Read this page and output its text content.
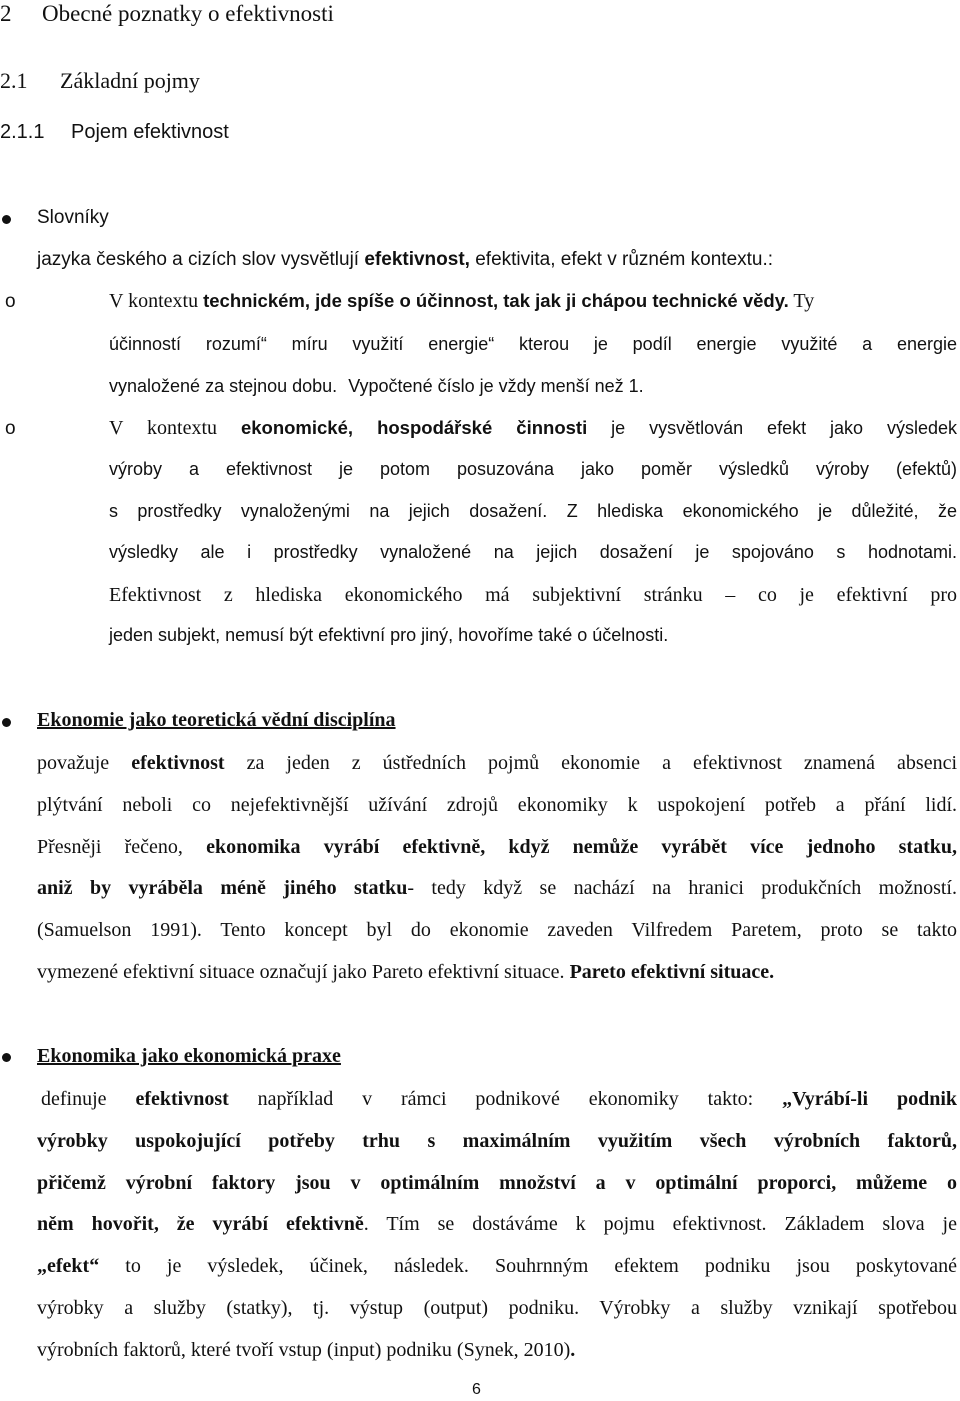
2 Obecné poznatky o efektivnosti
2.1 Základní pojmy
2.1.1 Pojem efektivnost
Slovníky
jazyka českého a cizích slov vysvětlují efektivnost, efektivita, efekt v různém kontextu.:
o	V kontextu technickém, jde spíše o účinnost, tak jak ji chápou technické vědy. Ty
účinností rozumí“ míru využití energie“ kterou je podíl energie využité a energie
vynaložené za stejnou dobu. Vypočtené číslo je vždy menší než 1.
o	V kontextu ekonomické, hospodářské činnosti je vysvětlován efekt jako výsledek
výroby a efektivnost je potom posuzována jako poměr výsledků výroby (efektů)
s prostředky vynaloženými na jejich dosažení. Z hlediska ekonomického je důležité, že
výsledky ale i prostředky vynaložené na jejich dosažení je spojováno s hodnotami.
Efektivnost z hlediska ekonomického má subjektivní stránku – co je efektivní pro
jeden subjekt, nemusí být efektivní pro jiný, hovoříme také o účelnosti.
Ekonomie jako teoretická vědní disciplína
považuje efektivnost za jeden z ústředních pojmů ekonomie a efektivnost znamená absenci
plýtvání neboli co nejefektivnější užívání zdrojů ekonomiky k uspokojení potřeb a přání lidí.
Přesněji řečeno, ekonomika vyrábí efektivně, když nemůže vyrábět více jednoho statku,
aniž by vyráběla méně jiného statku- tedy když se nachází na hranici produkčních možností.
(Samuelson 1991). Tento koncept byl do ekonomie zaveden Vilfredem Paretem, proto se takto
vymezené efektivní situace označují jako Pareto efektivní situace. Pareto efektivní situace.
Ekonomika jako ekonomická praxe
definuje efektivnost například v rámci podnikové ekonomiky takto: „Vyrábí-li podnik
výrobky uspokojující potřeby trhu s maximálním využitím všech výrobních faktorů,
přičemž výrobní faktory jsou v optimálním množství a v optimální proporci, můžeme o
něm hovořit, že vyrábí efektivně. Tím se dostáváme k pojmu efektivnost. Základem slova je
„efekt“ to je výsledek, účinek, následek. Souhrnným efektem podniku jsou poskytované
výrobky a služby (statky), tj. výstup (output) podniku. Výrobky a služby vznikají spotřebou
výrobních faktorů, které tvoří vstup (input) podniku (Synek, 2010).
6
